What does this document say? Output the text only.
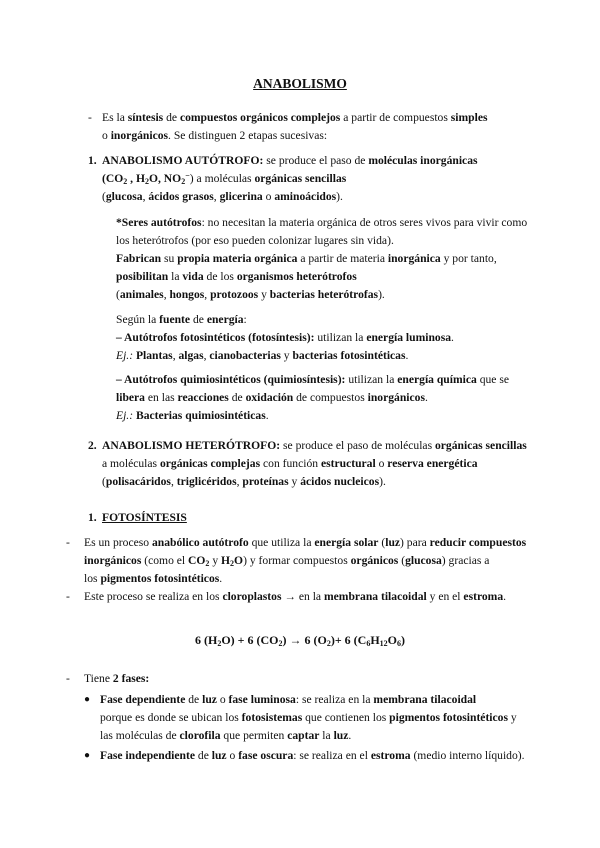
ANABOLISMO
- Es la síntesis de compuestos orgánicos complejos a partir de compuestos simples
o inorgánicos. Se distinguen 2 etapas sucesivas:
1. ANABOLISMO AUTÓTROFO: se produce el paso de moléculas inorgánicas
($CO_2$ , $H_2O$, $NO_2^-$) a moléculas orgánicas sencillas
(glucosa, ácidos grasos, glicerina o aminoácidos).
*Seres autótrofos: no necesitan la materia orgánica de otros seres vivos para vivir como
los heterótrofos (por eso pueden colonizar lugares sin vida).
Fabrican su propia materia orgánica a partir de materia inorgánica y por tanto,
posibilitan la vida de los organismos heterótrofos
(animales, hongos, protozoos y bacterias heterótrofas).
Según la fuente de energía:
– Autótrofos fotosintéticos (fotosíntesis): utilizan la energía luminosa.
Ej.: Plantas, algas, cianobacterias y bacterias fotosintéticas.
– Autótrofos quimiosintéticos (quimiosíntesis): utilizan la energía química que se
libera en las reacciones de oxidación de compuestos inorgánicos.
Ej.: Bacterias quimiosintéticas.
2. ANABOLISMO HETERÓTROFO: se produce el paso de moléculas orgánicas sencillas
a moléculas orgánicas complejas con función estructural o reserva energética
(polisacáridos, triglicéridos, proteínas y ácidos nucleicos).
1. FOTOSÍNTESIS
- Es un proceso anabólico autótrofo que utiliza la energía solar (luz) para reducir compuestos
inorgánicos (como el $CO_2$ y $H_2O$) y formar compuestos orgánicos (glucosa) gracias a
los pigmentos fotosintéticos.
- Este proceso se realiza en los cloroplastos → en la membrana tilacoidal y en el estroma.
6 $(H_2O) + 6$ $(CO_2) \to 6$ $(O_2)+ 6$ $(C_6H_{12}O_6)$
- Tiene 2 fases:
● Fase dependiente de luz o fase luminosa: se realiza en la membrana tilacoidal
porque es donde se ubican los fotosistemas que contienen los pigmentos fotosintéticos y
las moléculas de clorofila que permiten captar la luz.
● Fase independiente de luz o fase oscura: se realiza en el estroma (medio interno líquido).
